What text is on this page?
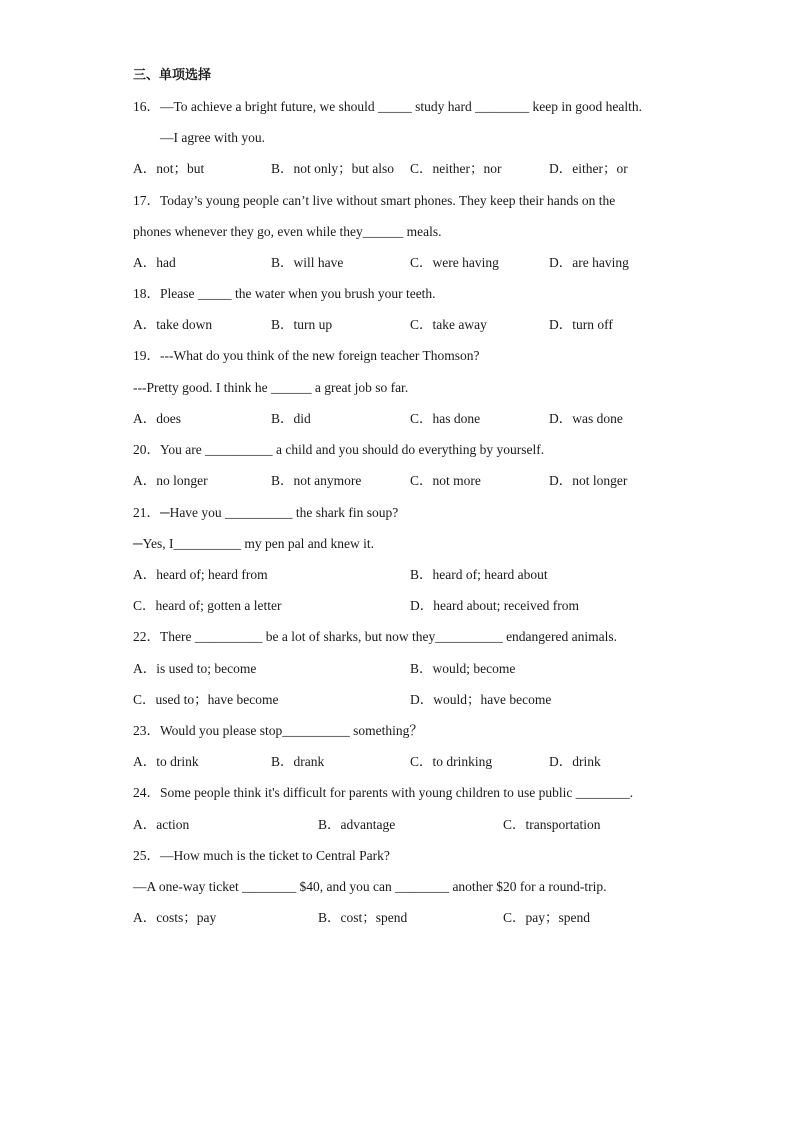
三、单项选择
16．—To achieve a bright future, we should _____ study hard ________ keep in good health.
—I agree with you.
A．not；but	B．not only；but also C．neither；nor	D．either；or
17．Today’s young people can’t live without smart phones. They keep their hands on the
phones whenever they go, even while they______ meals.
A．had	B．will have	C．were having	D．are having
18．Please _____ the water when you brush your teeth.
A．take down	B．turn up	C．take away	D．turn off
19．---What do you think of the new foreign teacher Thomson?
---Pretty good. I think he ______ a great job so far.
A．does	B．did	C．has done	D．was done
20．You are __________ a child and you should do everything by yourself.
A．no longer	B．not anymore	C．not more	D．not longer
21．─Have you __________ the shark fin soup?
─Yes, I__________ my pen pal and knew it.
A．heard of; heard from	B．heard of; heard about
C．heard of; gotten a letter	D．heard about; received from
22．There __________ be a lot of sharks, but now they__________ endangered animals.
A．is used to; become	B．would; become
C．used to；have become	D．would；have become
23．Would you please stop__________ something？
A．to drink	B．drank	C．to drinking	D．drink
24．Some people think it's difficult for parents with young children to use public ________.
A．action	B．advantage	C．transportation
25．—How much is the ticket to Central Park?
—A one-way ticket ________ $40, and you can ________ another $20 for a round-trip.
A．costs；pay	B．cost；spend	C．pay；spend
